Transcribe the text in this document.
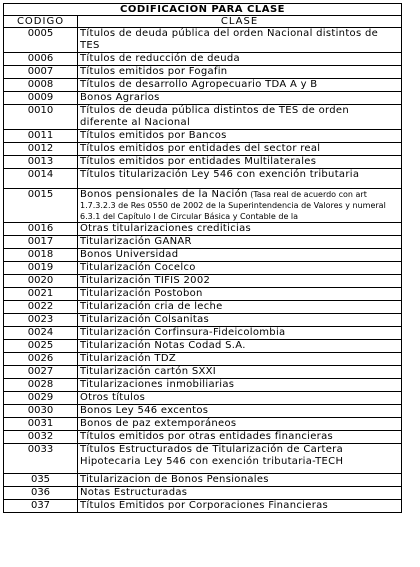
CODIFICACION PARA CLASE	
CODIGO	CLASE
0005	Títulos de deuda pública del orden Nacional distintos de TES
0006	Títulos de reducción de deuda
0007	Títulos emitidos por Fogafin
0008	Títulos de desarrollo Agropecuario TDA A y B
0009	Bonos Agrarios
0010	Títulos de deuda pública distintos de TES de orden diferente al Nacional
0011	Títulos emitidos por Bancos
0012	Títulos emitidos por entidades del sector real
0013	Títulos emitidos por entidades Multilaterales
0014	Títulos titularización Ley 546 con exención tributaria
0015	Bonos pensionales de la Nación (Tasa real de acuerdo con art 1.7.3.2.3 de Res 0550 de 2002 de la Superintendencia de Valores y numeral 6.3.1 del Capítulo I de Circular Básica y Contable de la
0016	Otras titularizaciones crediticias
0017	Titularización GANAR
0018	Bonos Universidad
0019	Titularización Cocelco
0020	Titularización TIFIS 2002
0021	Titularización Postobon
0022	Titularización cria de leche
0023	Titularización Colsanitas
0024	Titularización Corfinsura-Fideicolombia
0025	Titularización Notas Codad S.A.
0026	Titularización TDZ
0027	Titularización cartón SXXI
0028	Titularizaciones inmobiliarias
0029	Otros títulos
0030	Bonos Ley 546 excentos
0031	Bonos de paz extemporáneos
0032	Títulos emitidos por otras entidades financieras
0033	Títulos Estructurados de Titularización de Cartera Hipotecaria Ley 546 con exención tributaria-TECH
035	Titularizacion de Bonos Pensionales
036	Notas Estructuradas
037	Títulos Emitidos por Corporaciones Financieras
